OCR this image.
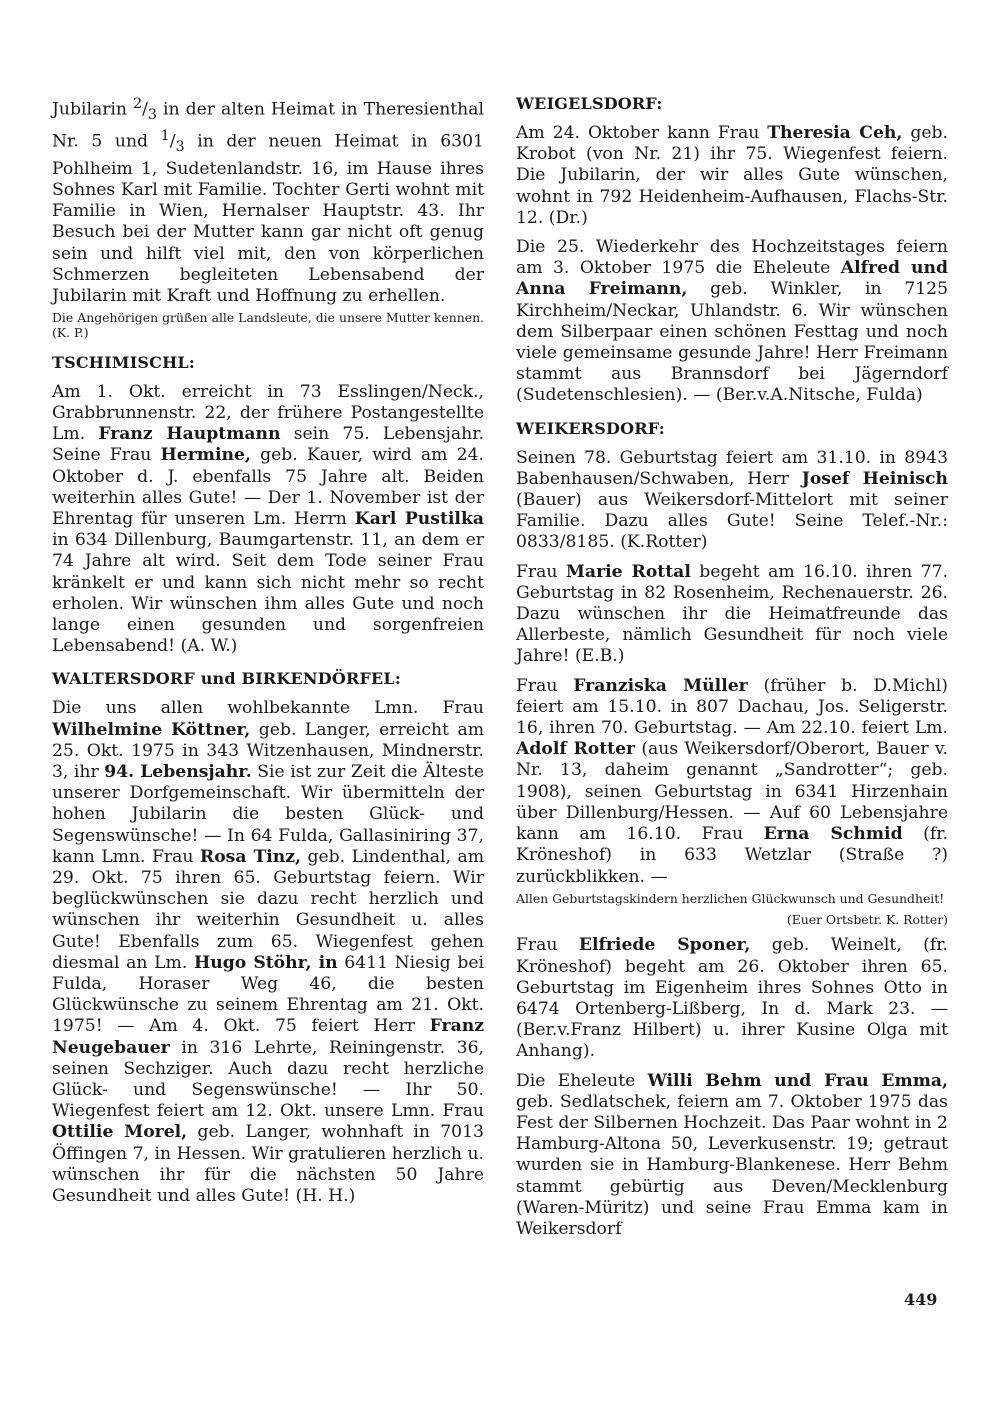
Jubilarin $^2/_3$ in der alten Heimat in Theresienthal Nr. 5 und $^1/_3$ in der neuen Heimat in 6301 Pohlheim 1, Sudetenlandstr. 16, im Hause ihres Sohnes Karl mit Familie. Tochter Gerti wohnt mit Familie in Wien, Hernalser Hauptstr. 43. Ihr Besuch bei der Mutter kann gar nicht oft genug sein und hilft viel mit, den von körperlichen Schmerzen begleiteten Lebensabend der Jubilarin mit Kraft und Hoffnung zu erhellen.

Die Angehörigen grüßen alle Landsleute, die unsere Mutter kennen. (K. P.)

TSCHIMISCHL:

Am 1. Okt. erreicht in 73 Esslingen/Neck., Grabbrunnenstr. 22, der frühere Postangestellte Lm. Franz Hauptmann sein 75. Lebensjahr. Seine Frau Hermine, geb. Kauer, wird am 24. Oktober d. J. ebenfalls 75 Jahre alt. Beiden weiterhin alles Gute! — Der 1. November ist der Ehrentag für unseren Lm. Herrn Karl Pustilka in 634 Dillenburg, Baumgartenstr. 11, an dem er 74 Jahre alt wird. Seit dem Tode seiner Frau kränkelt er und kann sich nicht mehr so recht erholen. Wir wünschen ihm alles Gute und noch lange einen gesunden und sorgenfreien Lebensabend! (A. W.)

WALTERSDORF und BIRKENDÖRFEL:

Die uns allen wohlbekannte Lmn. Frau Wilhelmine Köttner, geb. Langer, erreicht am 25. Okt. 1975 in 343 Witzenhausen, Mindnerstr. 3, ihr 94. Lebensjahr. Sie ist zur Zeit die Älteste unserer Dorfgemeinschaft. Wir übermitteln der hohen Jubilarin die besten Glück- und Segenswünsche! — In 64 Fulda, Gallasiniring 37, kann Lmn. Frau Rosa Tinz, geb. Lindenthal, am 29. Okt. 75 ihren 65. Geburtstag feiern. Wir beglückwünschen sie dazu recht herzlich und wünschen ihr weiterhin Gesundheit u. alles Gute! Ebenfalls zum 65. Wiegenfest gehen diesmal an Lm. Hugo Stöhr, in 6411 Niesig bei Fulda, Horaser Weg 46, die besten Glückwünsche zu seinem Ehrentag am 21. Okt. 1975! — Am 4. Okt. 75 feiert Herr Franz Neugebauer in 316 Lehrte, Reiningenstr. 36, seinen Sechziger. Auch dazu recht herzliche Glück- und Segenswünsche! — Ihr 50. Wiegenfest feiert am 12. Okt. unsere Lmn. Frau Ottilie Morel, geb. Langer, wohnhaft in 7013 Öffingen 7, in Hessen. Wir gratulieren herzlich u. wünschen ihr für die nächsten 50 Jahre Gesundheit und alles Gute! (H. H.)

WEIGELSDORF:

Am 24. Oktober kann Frau Theresia Ceh, geb. Krobot (von Nr. 21) ihr 75. Wiegenfest feiern. Die Jubilarin, der wir alles Gute wünschen, wohnt in 792 Heidenheim-Aufhausen, Flachs-Str. 12. (Dr.)

Die 25. Wiederkehr des Hochzeitstages feiern am 3. Oktober 1975 die Eheleute Alfred und Anna Freimann, geb. Winkler, in 7125 Kirchheim/Neckar, Uhlandstr. 6. Wir wünschen dem Silberpaar einen schönen Festtag und noch viele gemeinsame gesunde Jahre! Herr Freimann stammt aus Brannsdorf bei Jägerndorf (Sudetenschlesien). — (Ber.v.A.Nitsche, Fulda)

WEIKERSDORF:

Seinen 78. Geburtstag feiert am 31.10. in 8943 Babenhausen/Schwaben, Herr Josef Heinisch (Bauer) aus Weikersdorf-Mittelort mit seiner Familie. Dazu alles Gute! Seine Telef.-Nr.: 0833/8185. (K.Rotter)

Frau Marie Rottal begeht am 16.10. ihren 77. Geburtstag in 82 Rosenheim, Rechenauerstr. 26. Dazu wünschen ihr die Heimatfreunde das Allerbeste, nämlich Gesundheit für noch viele Jahre! (E.B.)

Frau Franziska Müller (früher b. D.Michl) feiert am 15.10. in 807 Dachau, Jos. Seligerstr. 16, ihren 70. Geburtstag. — Am 22.10. feiert Lm. Adolf Rotter (aus Weikersdorf/Oberort, Bauer v. Nr. 13, daheim genannt „Sandrotter“; geb. 1908), seinen Geburtstag in 6341 Hirzenhain über Dillenburg/Hessen. — Auf 60 Lebensjahre kann am 16.10. Frau Erna Schmid (fr. Kröneshof) in 633 Wetzlar (Straße ?) zurückblikken. —

Allen Geburtstagskindern herzlichen Glückwunsch und Gesundheit!

(Euer Ortsbetr. K. Rotter)

Frau Elfriede Sponer, geb. Weinelt, (fr. Kröneshof) begeht am 26. Oktober ihren 65. Geburtstag im Eigenheim ihres Sohnes Otto in 6474 Ortenberg-Lißberg, In d. Mark 23. — (Ber.v.Franz Hilbert) u. ihrer Kusine Olga mit Anhang).

Die Eheleute Willi Behm und Frau Emma, geb. Sedlatschek, feiern am 7. Oktober 1975 das Fest der Silbernen Hochzeit. Das Paar wohnt in 2 Hamburg-Altona 50, Leverkusenstr. 19; getraut wurden sie in Hamburg-Blankenese. Herr Behm stammt gebürtig aus Deven/Mecklenburg (Waren-Müritz) und seine Frau Emma kam in Weikersdorf

449
